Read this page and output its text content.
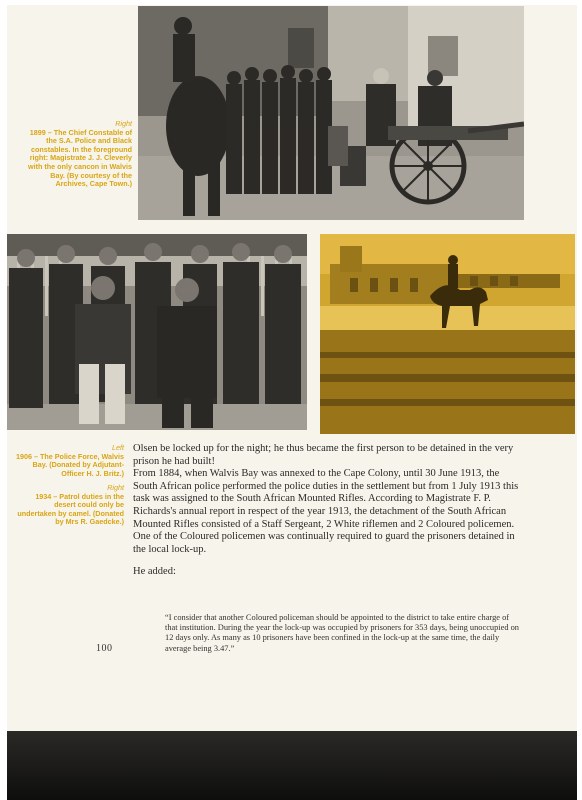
Right
1899 – The Chief Constable of the S.A. Police and Black constables. In the foreground right: Magistrate J. J. Cleverly with the only cancon in Walvis Bay. (By courtesy of the Archives, Cape Town.)
Left
1906 – The Police Force, Walvis Bay. (Donated by Adjutant-Officer H. J. Britz.)
Right
1934 – Patrol duties in the desert could only be undertaken by camel. (Donated by Mrs R. Gaedcke.)

Olsen be locked up for the night; he thus became the first person to be detained in the very prison he had built!

From 1884, when Walvis Bay was annexed to the Cape Colony, until 30 June 1913, the South African police performed the police duties in the settlement but from 1 July 1913 this task was assigned to the South African Mounted Rifles. According to Magistrate F. P. Richards's annual report in respect of the year 1913, the detachment of the South African Mounted Rifles consisted of a Staff Sergeant, 2 White riflemen and 2 Coloured policemen. One of the Coloured policemen was continually required to guard the prisoners detained in the local lock-up.

He added:

“I consider that another Coloured policeman should be appointed to the district to take entire charge of that institution. During the year the lock-up was occupied by prisoners for 353 days, being unoccupied on 12 days only. As many as 10 prisoners have been confined in the lock-up at the same time, the daily average being 3.47.”
100
